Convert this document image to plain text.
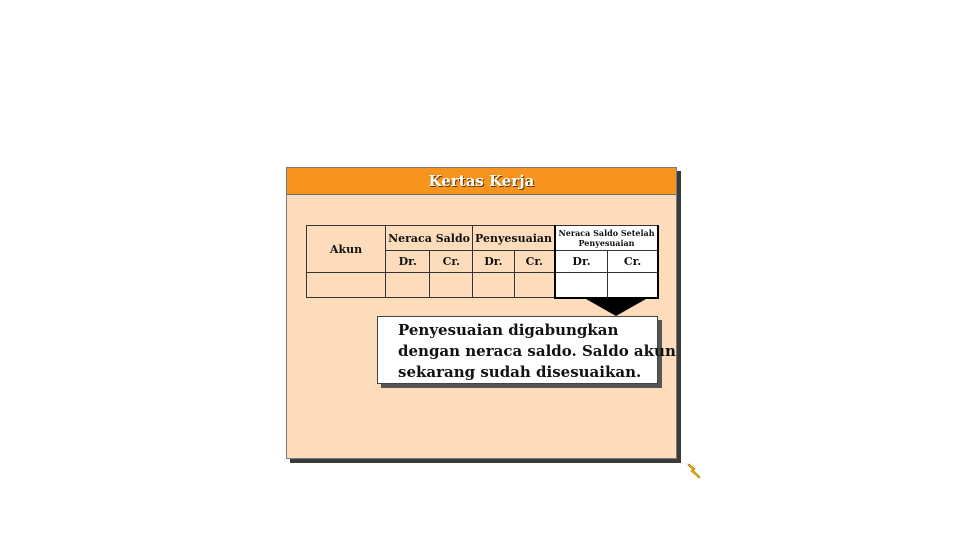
Kertas Kerja
Akun	Neraca Saldo		Penyesuaian		Neraca Saldo Setelah
Penyesuaian	
	Dr.	Cr.	Dr.	Cr.	Dr.	Cr.

Penyesuaian digabungkan
dengan neraca saldo. Saldo akun
sekarang sudah disesuaikan.
